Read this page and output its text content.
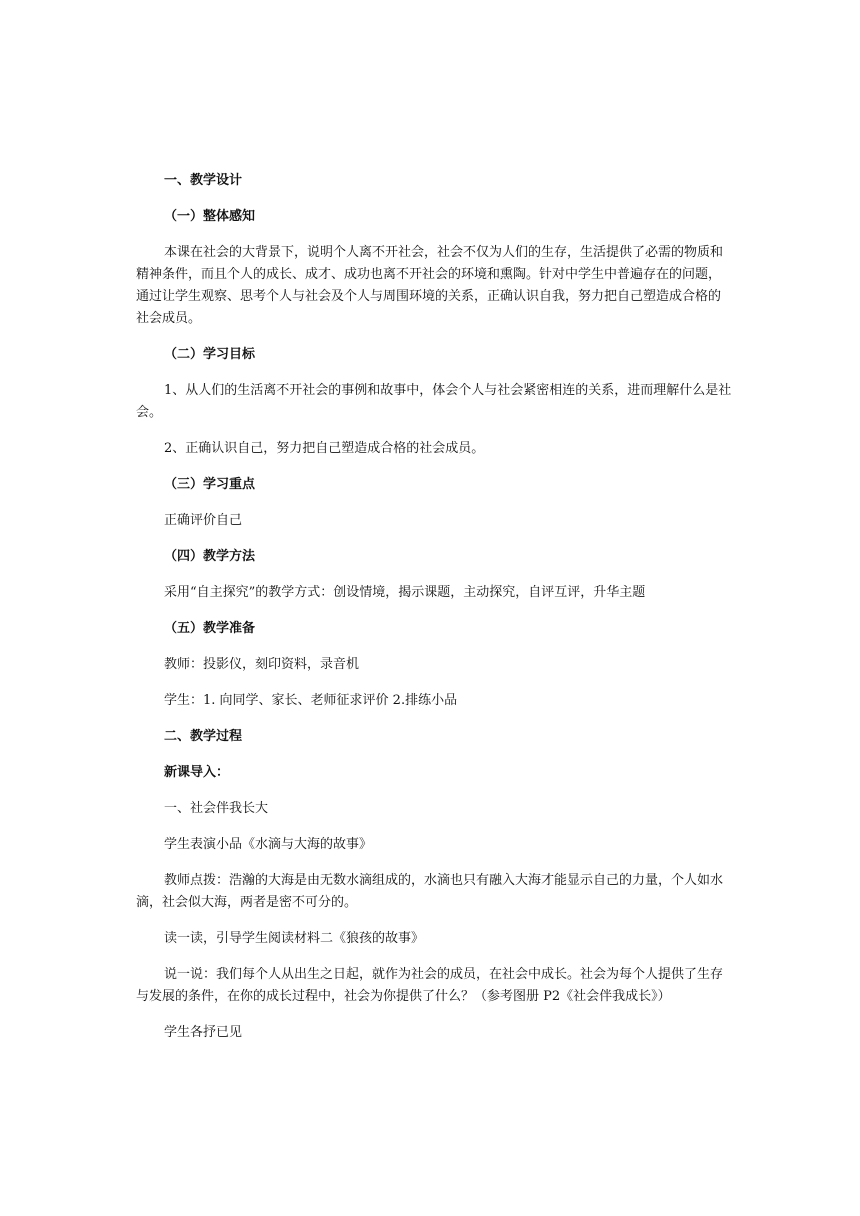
一、教学设计
（一）整体感知
本课在社会的大背景下，说明个人离不开社会，社会不仅为人们的生存，生活提供了必需的物质和精神条件，而且个人的成长、成才、成功也离不开社会的环境和熏陶。针对中学生中普遍存在的问题，通过让学生观察、思考个人与社会及个人与周围环境的关系，正确认识自我，努力把自己塑造成合格的社会成员。
（二）学习目标
1、从人们的生活离不开社会的事例和故事中，体会个人与社会紧密相连的关系，进而理解什么是社会。
2、正确认识自己，努力把自己塑造成合格的社会成员。
（三）学习重点
正确评价自己
（四）教学方法
采用“自主探究”的教学方式：创设情境，揭示课题，主动探究，自评互评，升华主题
（五）教学准备
教师：投影仪，刻印资料，录音机
学生：1. 向同学、家长、老师征求评价 2.排练小品
二、教学过程
新课导入：
一、社会伴我长大
学生表演小品《水滴与大海的故事》
教师点拨：浩瀚的大海是由无数水滴组成的，水滴也只有融入大海才能显示自己的力量，个人如水滴，社会似大海，两者是密不可分的。
读一读，引导学生阅读材料二《狼孩的故事》
说一说：我们每个人从出生之日起，就作为社会的成员，在社会中成长。社会为每个人提供了生存与发展的条件，在你的成长过程中，社会为你提供了什么？（参考图册 P2《社会伴我成长》）
学生各抒已见
